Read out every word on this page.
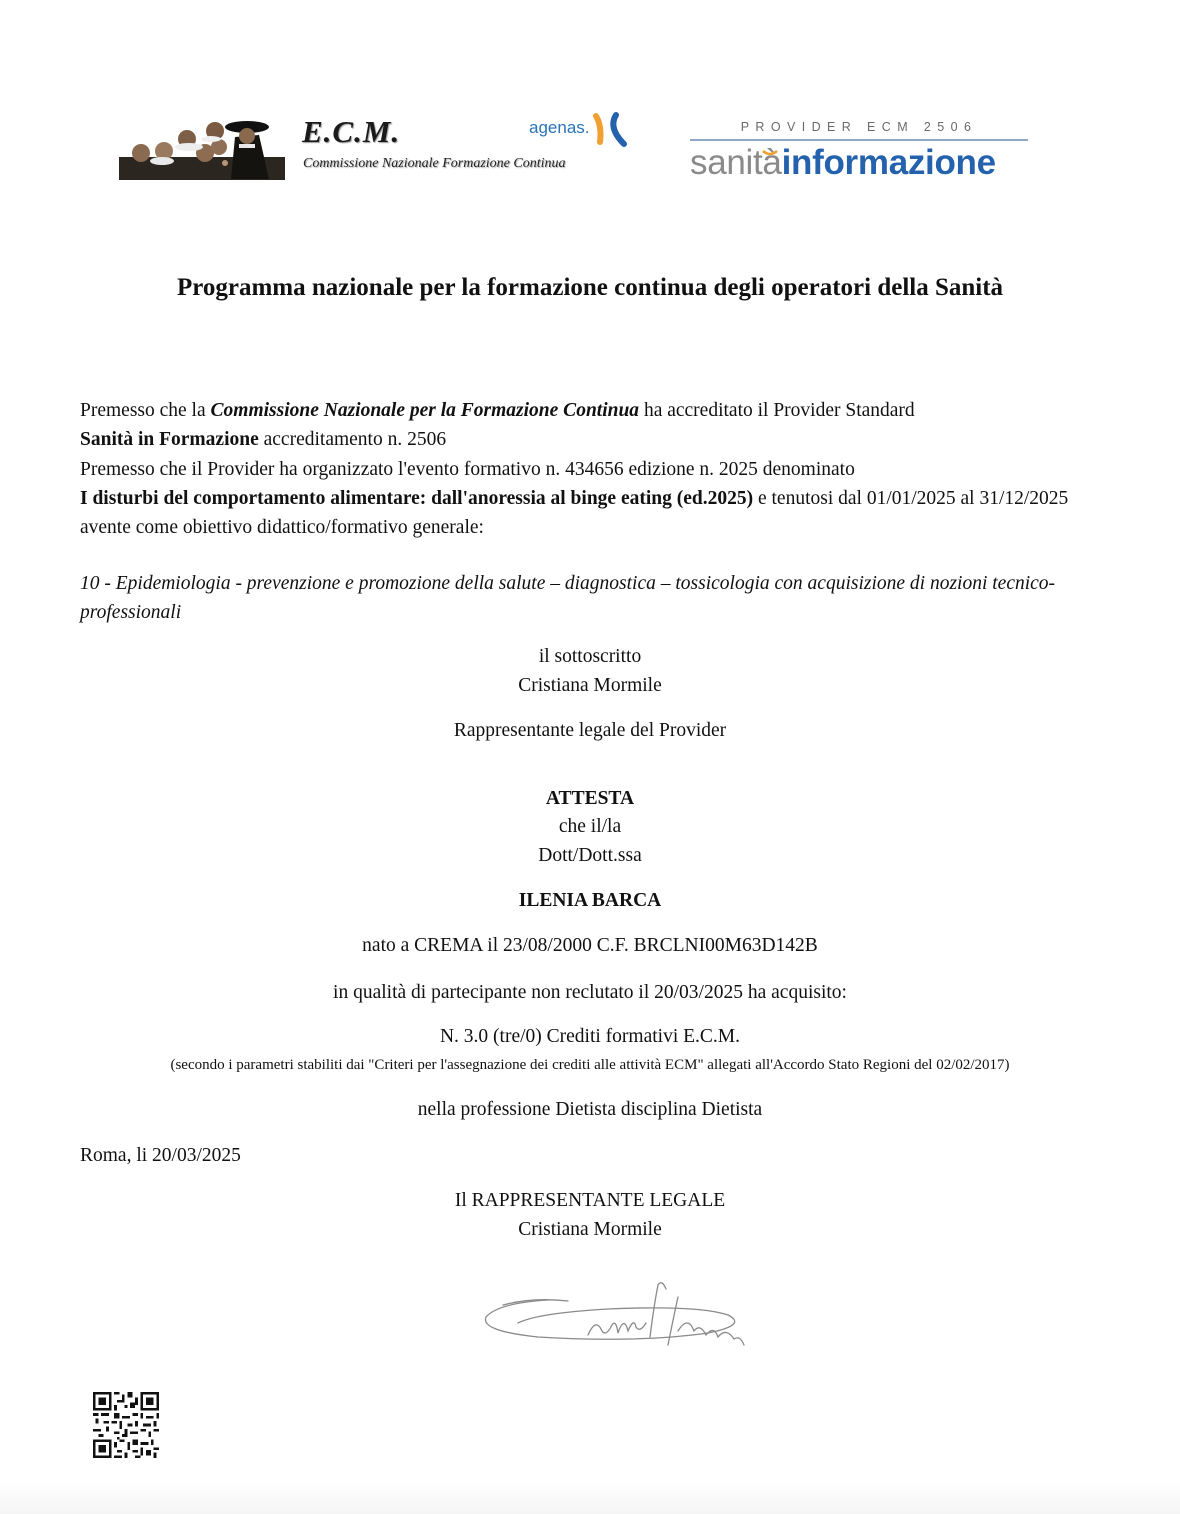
E.C.M.
Commissione Nazionale Formazione Continua
agenas.	PROVIDER ECM 2506
sanitàinformazione
Programma nazionale per la formazione continua degli operatori della Sanità
Premesso che la Commissione Nazionale per la Formazione Continua ha accreditato il Provider Standard
Sanità in Formazione accreditamento n. 2506
Premesso che il Provider ha organizzato l'evento formativo n. 434656 edizione n. 2025 denominato
I disturbi del comportamento alimentare: dall'anoressia al binge eating (ed.2025) e tenutosi dal 01/01/2025 al 31/12/2025 avente come obiettivo didattico/formativo generale:
10 - Epidemiologia - prevenzione e promozione della salute – diagnostica – tossicologia con acquisizione di nozioni tecnico-professionali
il sottoscritto
Cristiana Mormile
Rappresentante legale del Provider
ATTESTA
che il/la
Dott/Dott.ssa
ILENIA BARCA
nato a CREMA il 23/08/2000 C.F. BRCLNI00M63D142B
in qualità di partecipante non reclutato il 20/03/2025 ha acquisito:
N. 3.0 (tre/0) Crediti formativi E.C.M.
(secondo i parametri stabiliti dai "Criteri per l'assegnazione dei crediti alle attività ECM" allegati all'Accordo Stato Regioni del 02/02/2017)
nella professione Dietista disciplina Dietista
Roma, li 20/03/2025
Il RAPPRESENTANTE LEGALE
Cristiana Mormile
